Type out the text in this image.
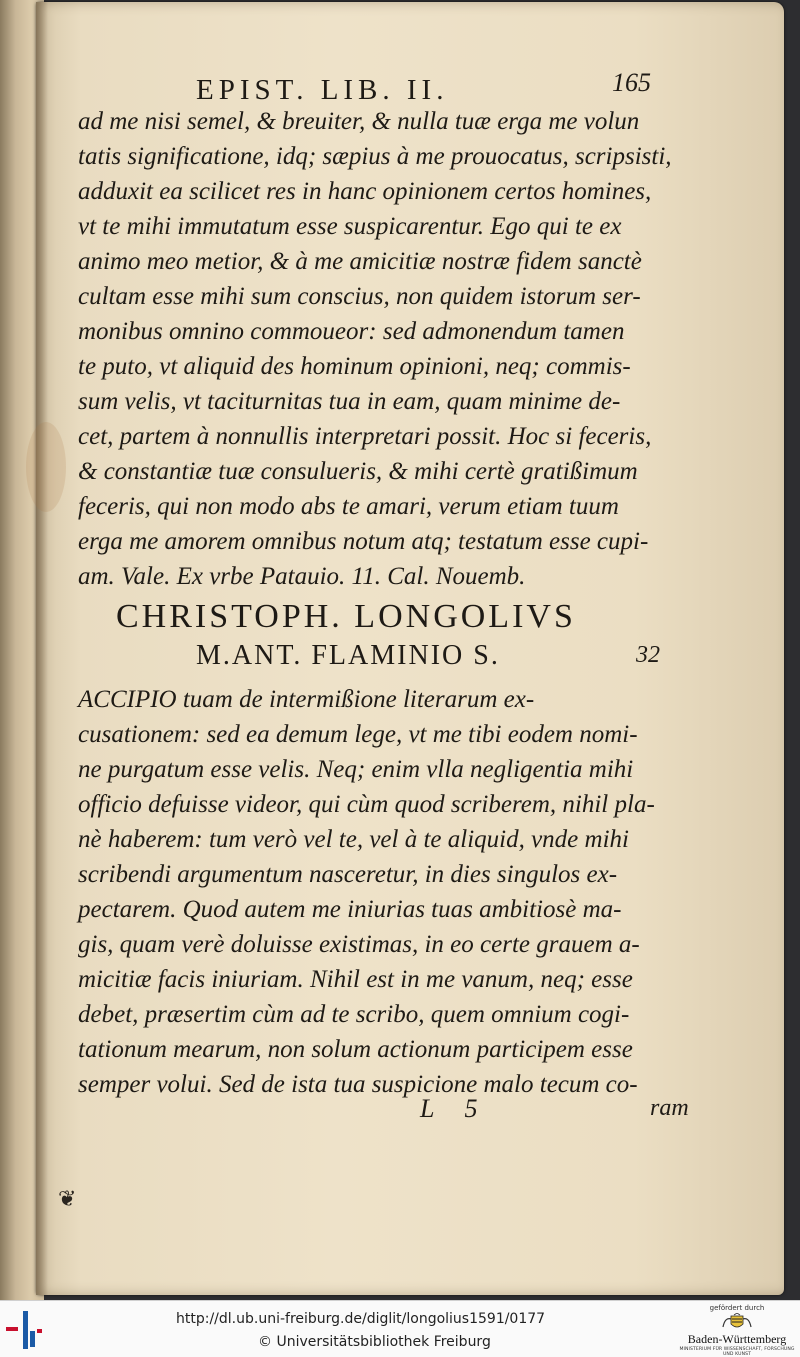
EPIST. LIB. II.	165
ad me nisi semel, & breuiter, & nulla tuæ erga me volun
tatis significatione, idq; sæpius à me prouocatus, scripsisti,
adduxit ea scilicet res in hanc opinionem certos homines,
vt te mihi immutatum esse suspicarentur. Ego qui te ex
animo meo metior, & à me amicitiæ nostræ fidem sanctè
cultam esse mihi sum conscius, non quidem istorum ser-
monibus omnino commoueor: sed admonendum tamen
te puto, vt aliquid des hominum opinioni, neq; commis-
sum velis, vt taciturnitas tua in eam, quam minime de-
cet, partem à nonnullis interpretari possit. Hoc si feceris,
& constantiæ tuæ consulueris, & mihi certè gratißimum
feceris, qui non modo abs te amari, verum etiam tuum
erga me amorem omnibus notum atq; testatum esse cupi-
am. Vale. Ex vrbe Patauio. 11. Cal. Nouemb.
CHRISTOPH. LONGOLIVS
M.ANT. FLAMINIO S.	32
ACCIPIO tuam de intermißione literarum ex-
cusationem: sed ea demum lege, vt me tibi eodem nomi-
ne purgatum esse velis. Neq; enim vlla negligentia mihi
officio defuisse videor, qui cùm quod scriberem, nihil pla-
nè haberem: tum verò vel te, vel à te aliquid, vnde mihi
scribendi argumentum nasceretur, in dies singulos ex-
pectarem. Quod autem me iniurias tuas ambitiosè ma-
gis, quam verè doluisse existimas, in eo certe grauem a-
micitiæ facis iniuriam. Nihil est in me vanum, neq; esse
debet, præsertim cùm ad te scribo, quem omnium cogi-
tationum mearum, non solum actionum participem esse
semper volui. Sed de ista tua suspicione malo tecum co-
L 5	ram
❦
http://dl.ub.uni-freiburg.de/diglit/longolius1591/0177
© Universitätsbibliothek Freiburg
gefördert durch
Baden-Württemberg
MINISTERIUM FÜR WISSENSCHAFT, FORSCHUNG UND KUNST
